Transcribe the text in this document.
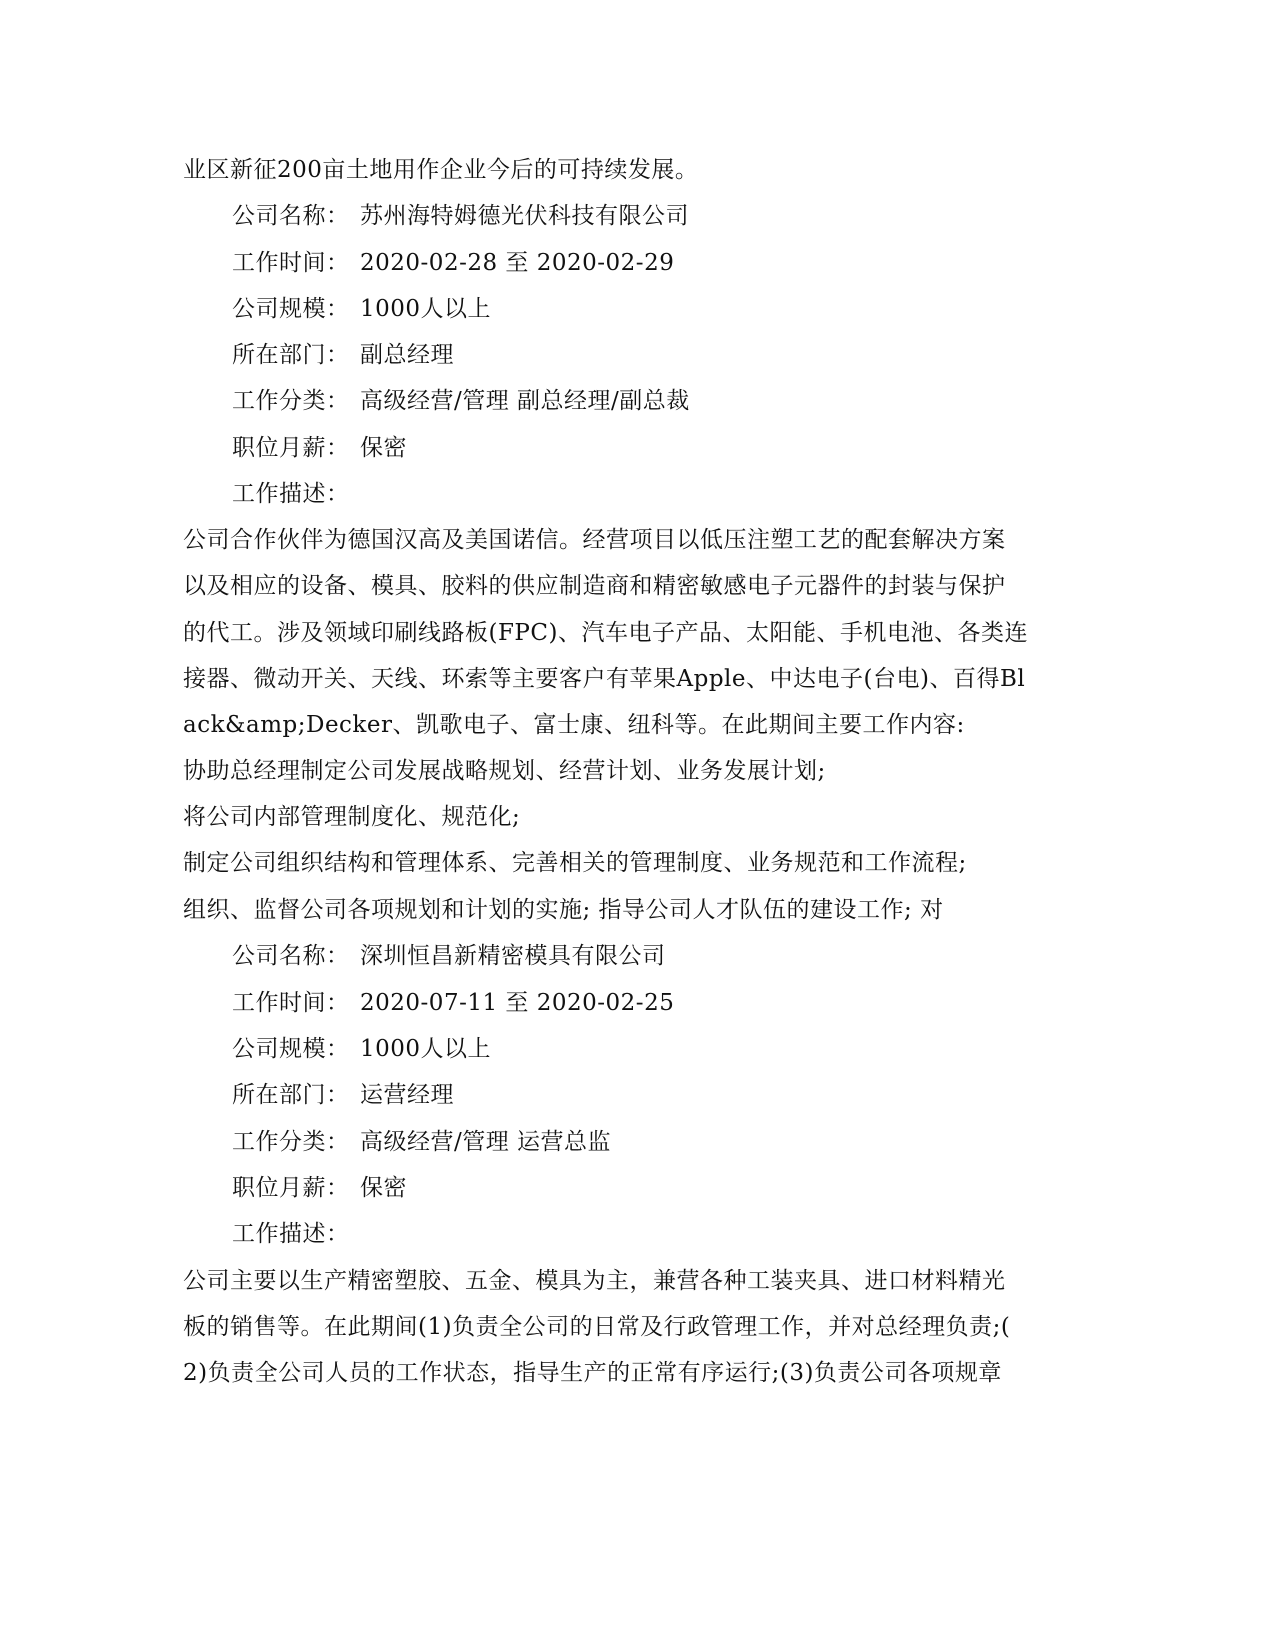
业区新征200亩土地用作企业今后的可持续发展。
公司名称： 苏州海特姆德光伏科技有限公司
工作时间： 2020-02-28 至 2020-02-29
公司规模： 1000人以上
所在部门： 副总经理
工作分类： 高级经营/管理 副总经理/副总裁
职位月薪： 保密
工作描述：
公司合作伙伴为德国汉高及美国诺信。经营项目以低压注塑工艺的配套解决方案
以及相应的设备、模具、胶料的供应制造商和精密敏感电子元器件的封装与保护
的代工。涉及领域印刷线路板(FPC)、汽车电子产品、太阳能、手机电池、各类连
接器、微动开关、天线、环索等主要客户有苹果Apple、中达电子(台电)、百得Bl
ack&amp;Decker、凯歌电子、富士康、纽科等。在此期间主要工作内容:
协助总经理制定公司发展战略规划、经营计划、业务发展计划;
将公司内部管理制度化、规范化;
制定公司组织结构和管理体系、完善相关的管理制度、业务规范和工作流程;
组织、监督公司各项规划和计划的实施; 指导公司人才队伍的建设工作; 对
公司名称： 深圳恒昌新精密模具有限公司
工作时间： 2020-07-11 至 2020-02-25
公司规模： 1000人以上
所在部门： 运营经理
工作分类： 高级经营/管理 运营总监
职位月薪： 保密
工作描述：
公司主要以生产精密塑胶、五金、模具为主，兼营各种工装夹具、进口材料精光
板的销售等。在此期间(1)负责全公司的日常及行政管理工作，并对总经理负责;(
2)负责全公司人员的工作状态，指导生产的正常有序运行;(3)负责公司各项规章
